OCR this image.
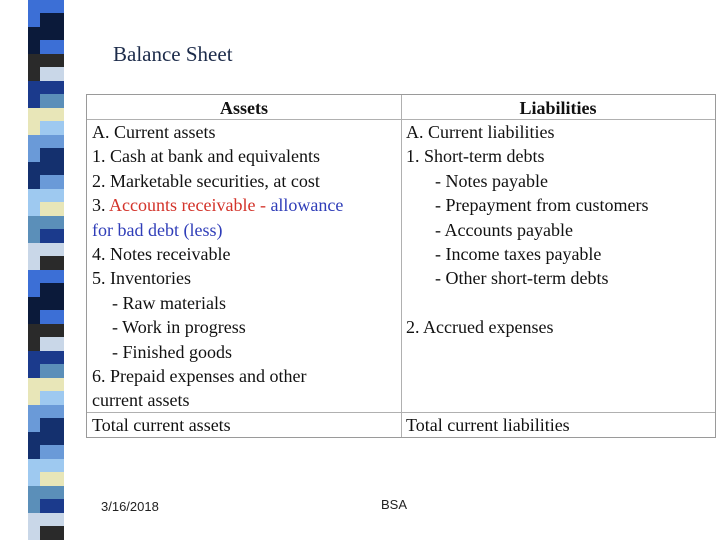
Balance Sheet
Assets
A. Current assets
1. Cash at bank and equivalents
2. Marketable securities, at cost
3. Accounts receivable - allowance
for bad debt (less)
4. Notes receivable
5. Inventories
- Raw materials
- Work in progress
- Finished goods
6. Prepaid expenses and other
current assets
Total current assets
Liabilities
A. Current liabilities
1. Short-term debts
- Notes payable
- Prepayment from customers
- Accounts payable
- Income taxes payable
- Other short-term debts
2. Accrued expenses
Total current liabilities
3/16/2018	BSA
